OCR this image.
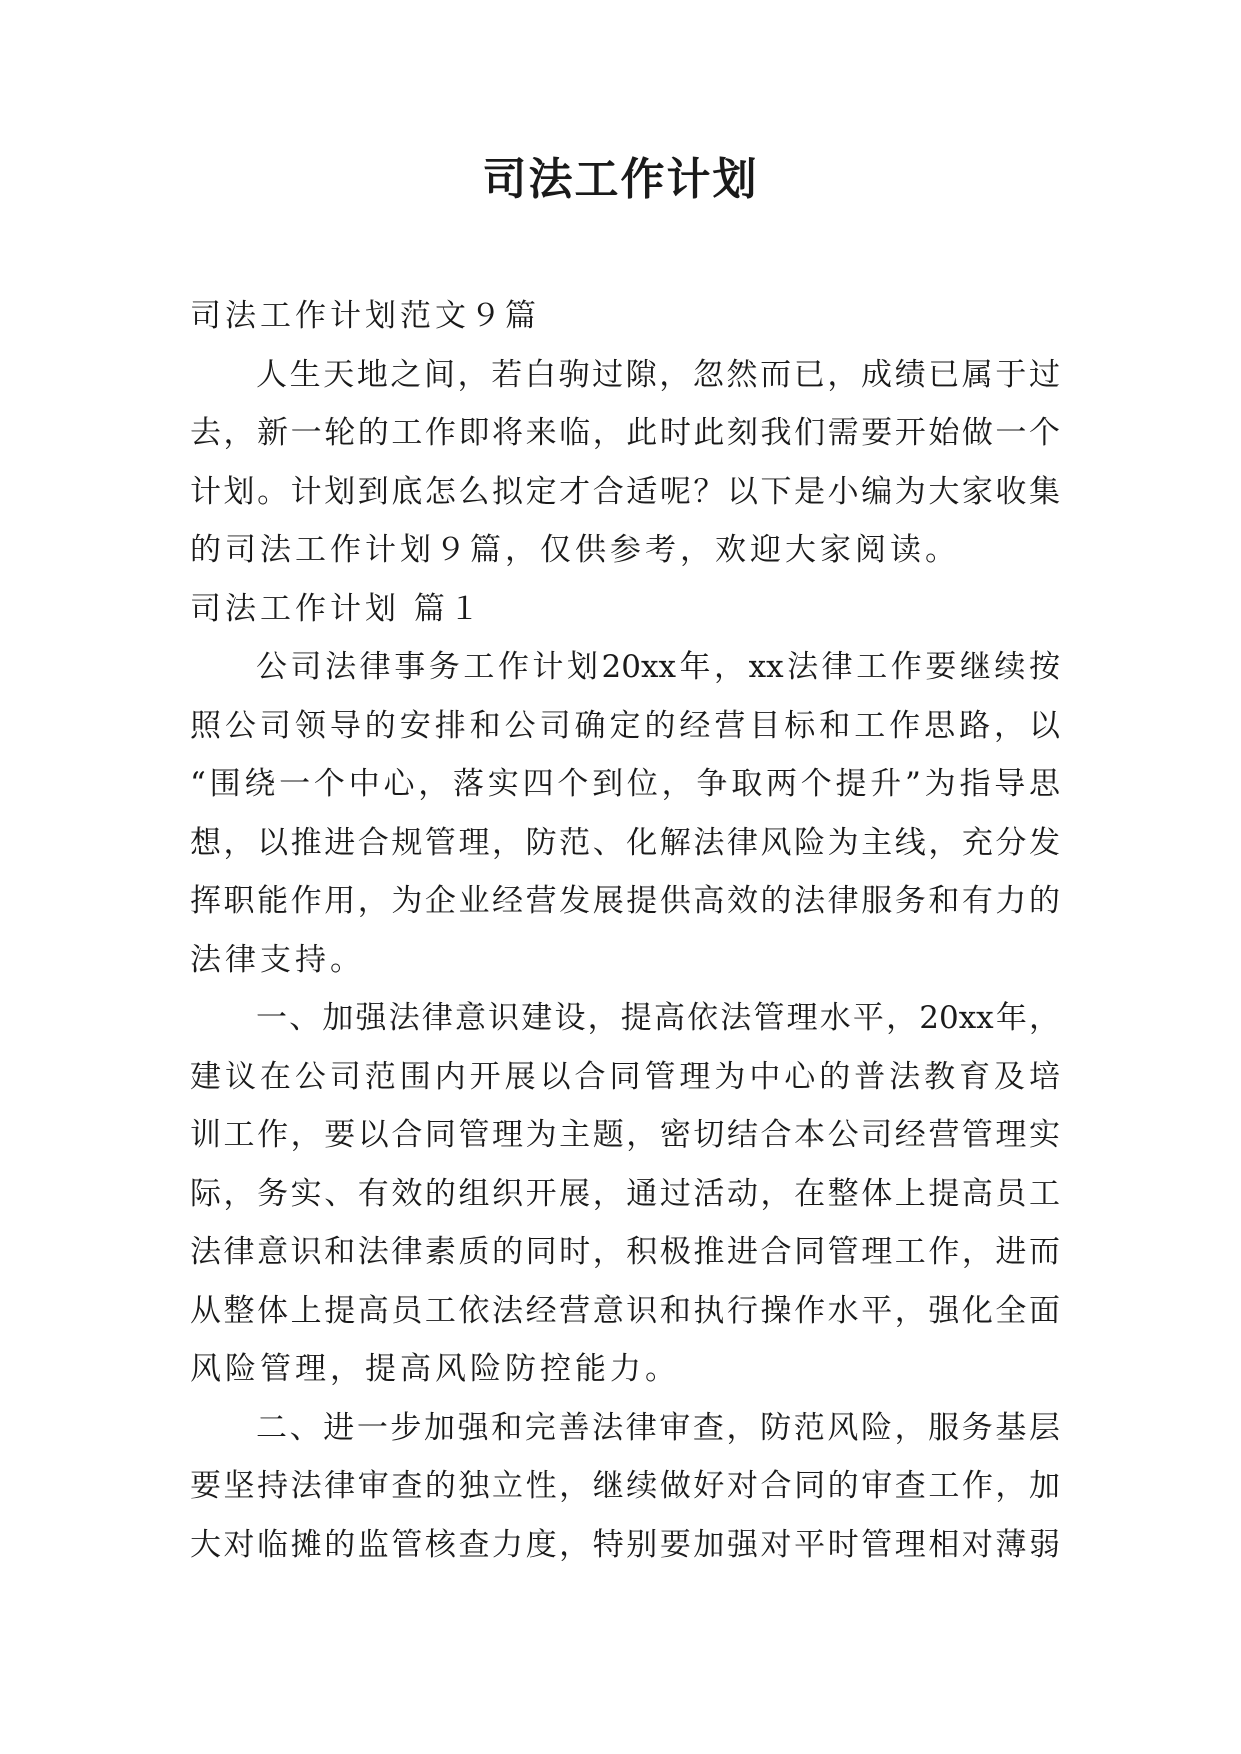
司法工作计划
司法工作计划范文９篇
人生天地之间，若白驹过隙，忽然而已，成绩已属于过
去，新一轮的工作即将来临，此时此刻我们需要开始做一个
计划。计划到底怎么拟定才合适呢？以下是小编为大家收集
的司法工作计划９篇，仅供参考，欢迎大家阅读。
司法工作计划 篇１
公司法律事务工作计划20xx年，xx法律工作要继续按
照公司领导的安排和公司确定的经营目标和工作思路，以
“围绕一个中心，落实四个到位，争取两个提升”为指导思
想，以推进合规管理，防范、化解法律风险为主线，充分发
挥职能作用，为企业经营发展提供高效的法律服务和有力的
法律支持。
一、加强法律意识建设，提高依法管理水平，20xx年，
建议在公司范围内开展以合同管理为中心的普法教育及培
训工作，要以合同管理为主题，密切结合本公司经营管理实
际，务实、有效的组织开展，通过活动，在整体上提高员工
法律意识和法律素质的同时，积极推进合同管理工作，进而
从整体上提高员工依法经营意识和执行操作水平，强化全面
风险管理，提高风险防控能力。
二、进一步加强和完善法律审查，防范风险，服务基层
要坚持法律审查的独立性，继续做好对合同的审查工作，加
大对临摊的监管核查力度，特别要加强对平时管理相对薄弱
